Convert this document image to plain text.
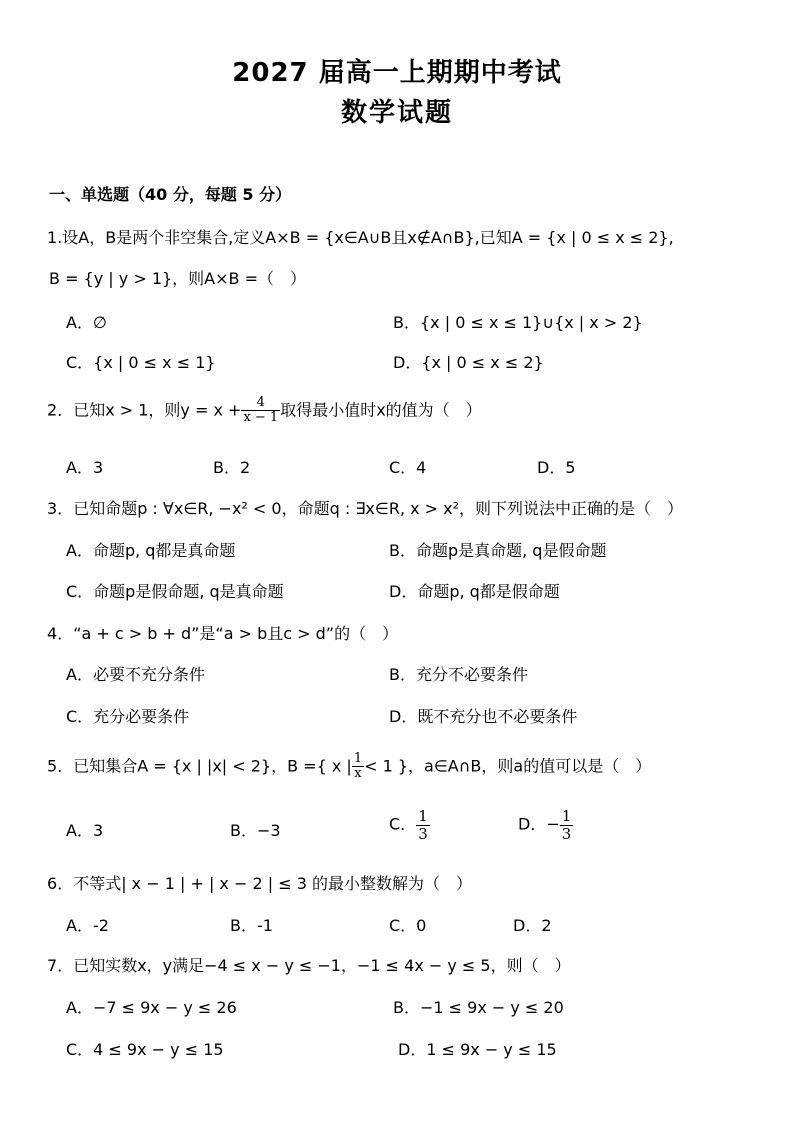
2027 届高一上期期中考试
数学试题
一、单选题（40 分，每题 5 分）
1.设A，B是两个非空集合,定义A×B = {x∈A∪B且x∉A∩B},已知A = {x | 0 ≤ x ≤ 2},
B = {y | y > 1}，则A×B =（　）
A．∅	B．{x | 0 ≤ x ≤ 1}∪{x | x > 2}
C．{x | 0 ≤ x ≤ 1}	D．{x | 0 ≤ x ≤ 2}
2．已知x > 1，则$y = x + \frac{4}{x - 1}$ 取得最小值时x的值为（　）
A．3	B．2	C．4	D．5
3．已知命题p : ∀x∈R, −x² < 0，命题q : ∃x∈R, x > x²，则下列说法中正确的是（　）
A．命题p, q都是真命题	B．命题p是真命题, q是假命题
C．命题p是假命题, q是真命题	D．命题p, q都是假命题
4．“a + c > b + d”是“a > b且c > d”的（　）
A．必要不充分条件	B．充分不必要条件
C．充分必要条件	D．既不充分也不必要条件
5．已知集合A = {x | |x| < 2}，B ={ x | $\frac{1}{x} < 1$ }，a∈A∩B，则a的值可以是（　）
A．3	B．−3	C． $\frac{1}{3}$	D．− $\frac{1}{3}$
6．不等式| x − 1 | + | x − 2 | ≤ 3 的最小整数解为（　）
A．-2	B．-1	C．0	D．2
7．已知实数x，y满足−4 ≤ x − y ≤ −1，−1 ≤ 4x − y ≤ 5，则（　）
A．−7 ≤ 9x − y ≤ 26	B．−1 ≤ 9x − y ≤ 20
C．4 ≤ 9x − y ≤ 15	D．1 ≤ 9x − y ≤ 15
